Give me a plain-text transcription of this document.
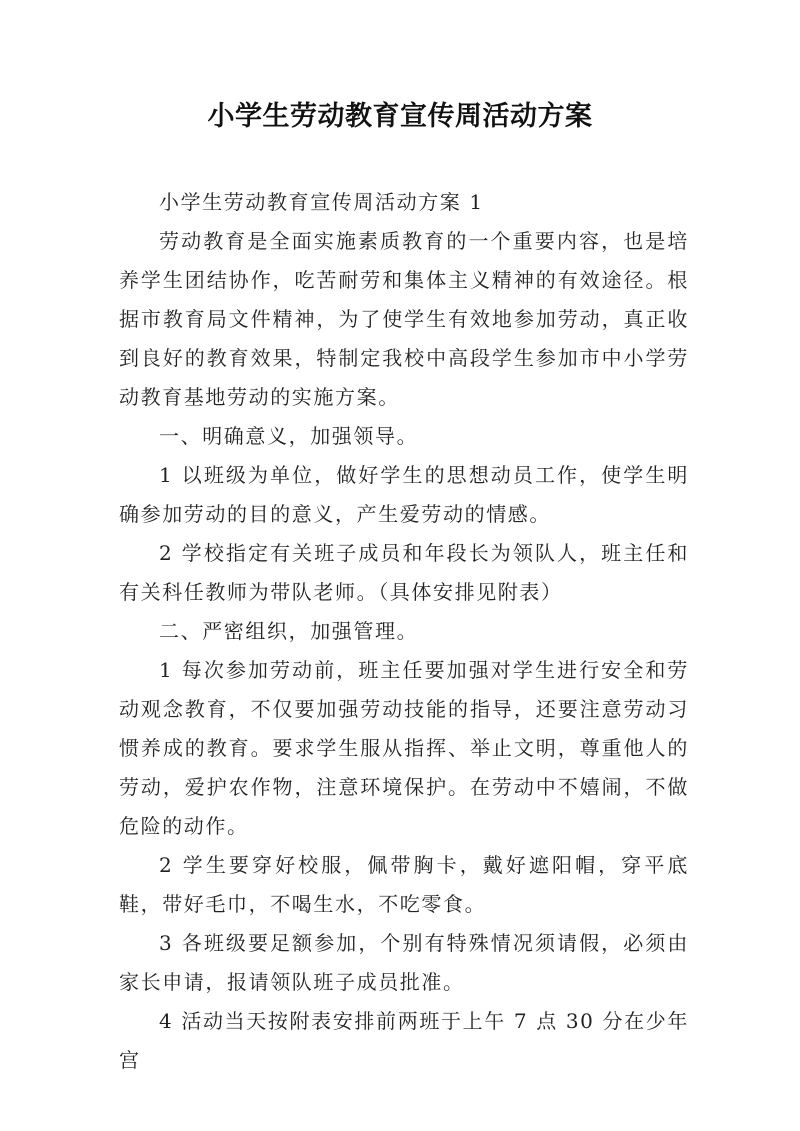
小学生劳动教育宣传周活动方案

小学生劳动教育宣传周活动方案 1

劳动教育是全面实施素质教育的一个重要内容，也是培养学生团结协作，吃苦耐劳和集体主义精神的有效途径。根据市教育局文件精神，为了使学生有效地参加劳动，真正收到良好的教育效果，特制定我校中高段学生参加市中小学劳动教育基地劳动的实施方案。

一、明确意义，加强领导。

1 以班级为单位，做好学生的思想动员工作，使学生明确参加劳动的目的意义，产生爱劳动的情感。

2 学校指定有关班子成员和年段长为领队人，班主任和有关科任教师为带队老师。（具体安排见附表）

二、严密组织，加强管理。

1 每次参加劳动前，班主任要加强对学生进行安全和劳动观念教育，不仅要加强劳动技能的指导，还要注意劳动习惯养成的教育。要求学生服从指挥、举止文明，尊重他人的劳动，爱护农作物，注意环境保护。在劳动中不嬉闹，不做危险的动作。

2 学生要穿好校服，佩带胸卡，戴好遮阳帽，穿平底鞋，带好毛巾，不喝生水，不吃零食。

3 各班级要足额参加，个别有特殊情况须请假，必须由家长申请，报请领队班子成员批准。

4 活动当天按附表安排前两班于上午 7 点 30 分在少年宫
